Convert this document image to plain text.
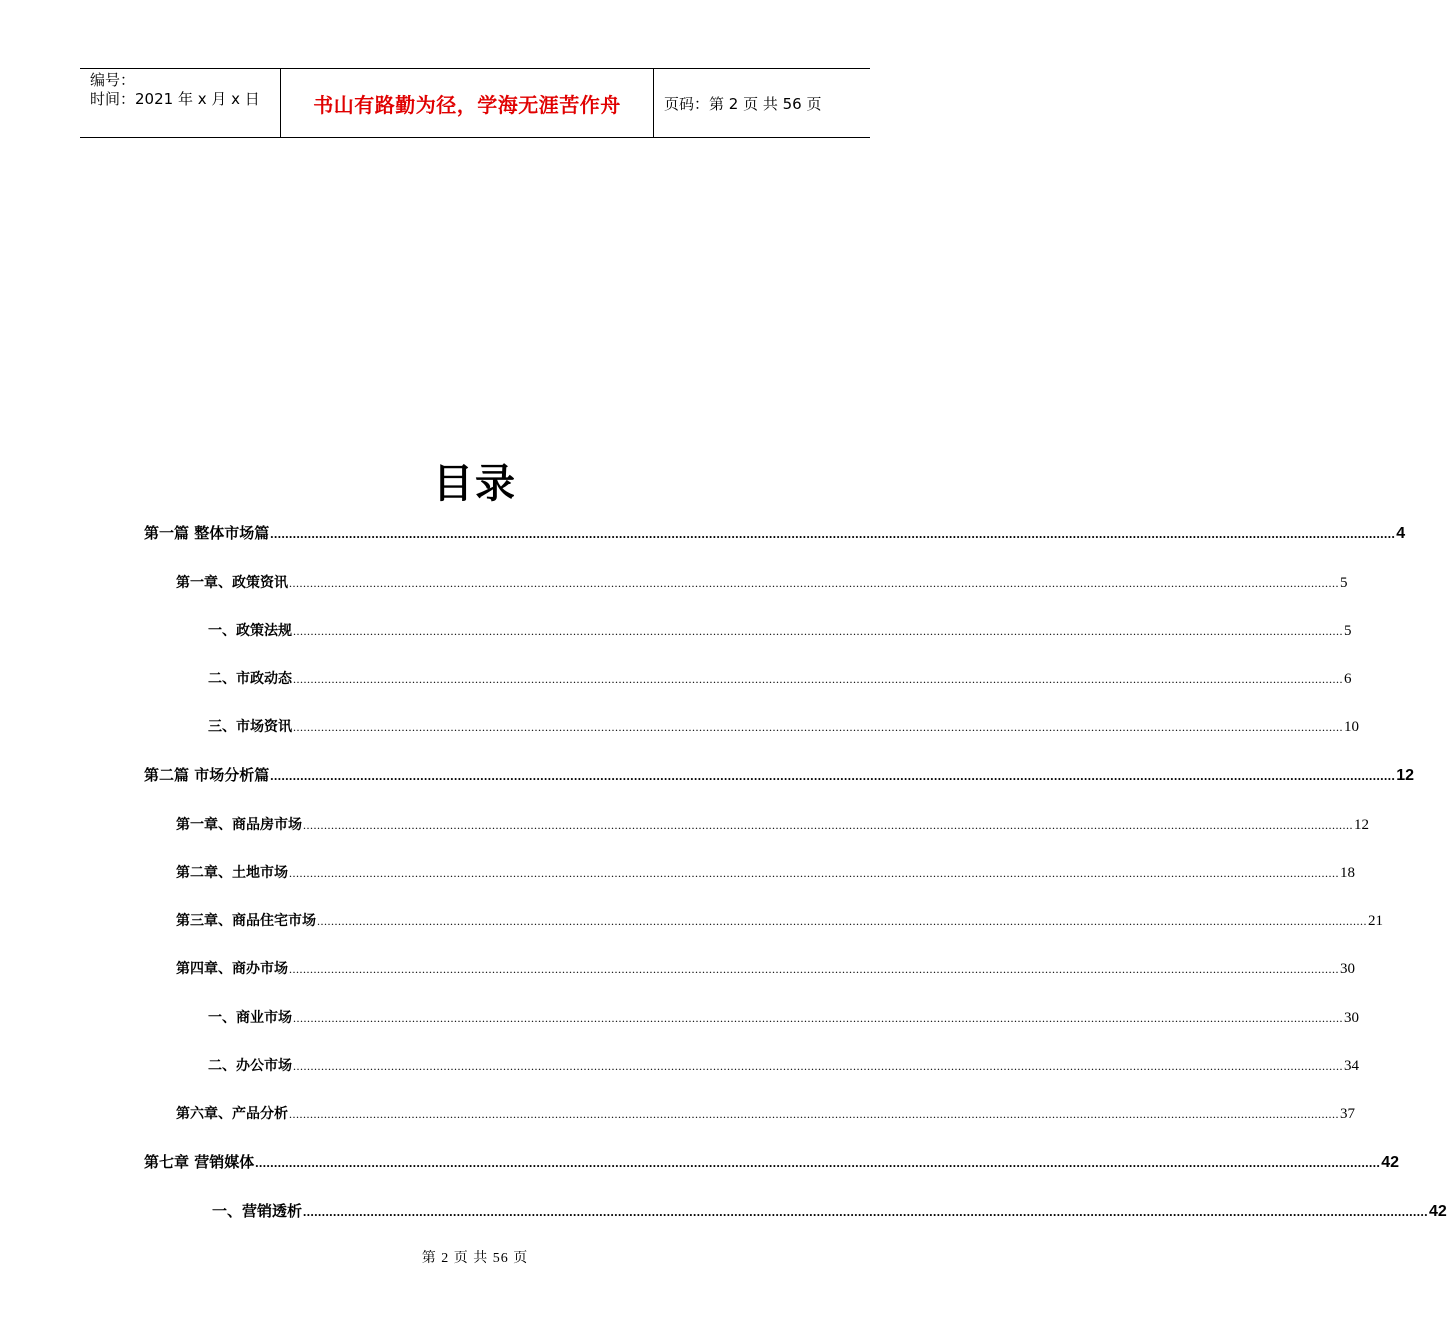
编号：
时间：2021 年 x 月 x 日	书山有路勤为径，学海无涯苦作舟	页码：第 2 页 共 56 页
目录
第一篇 整体市场篇 ............................................................................................................................................................................................................................................................................................................ 4
第一章、政策资讯 ............................................................................................................................................................................................................................................................................................................ 5
一、政策法规 ............................................................................................................................................................................................................................................................................................................ 5
二、市政动态 ............................................................................................................................................................................................................................................................................................................ 6
三、市场资讯 ............................................................................................................................................................................................................................................................................................................ 10
第二篇 市场分析篇 ............................................................................................................................................................................................................................................................................................................ 12
第一章、商品房市场 ............................................................................................................................................................................................................................................................................................................ 12
第二章、土地市场 ............................................................................................................................................................................................................................................................................................................ 18
第三章、商品住宅市场 ............................................................................................................................................................................................................................................................................................................ 21
第四章、商办市场 ............................................................................................................................................................................................................................................................................................................ 30
一、商业市场 ............................................................................................................................................................................................................................................................................................................ 30
二、办公市场 ............................................................................................................................................................................................................................................................................................................ 34
第六章、产品分析 ............................................................................................................................................................................................................................................................................................................ 37
第七章 营销媒体 ............................................................................................................................................................................................................................................................................................................ 42
一、营销透析 ............................................................................................................................................................................................................................................................................................................ 42
第 2 页 共 56 页
